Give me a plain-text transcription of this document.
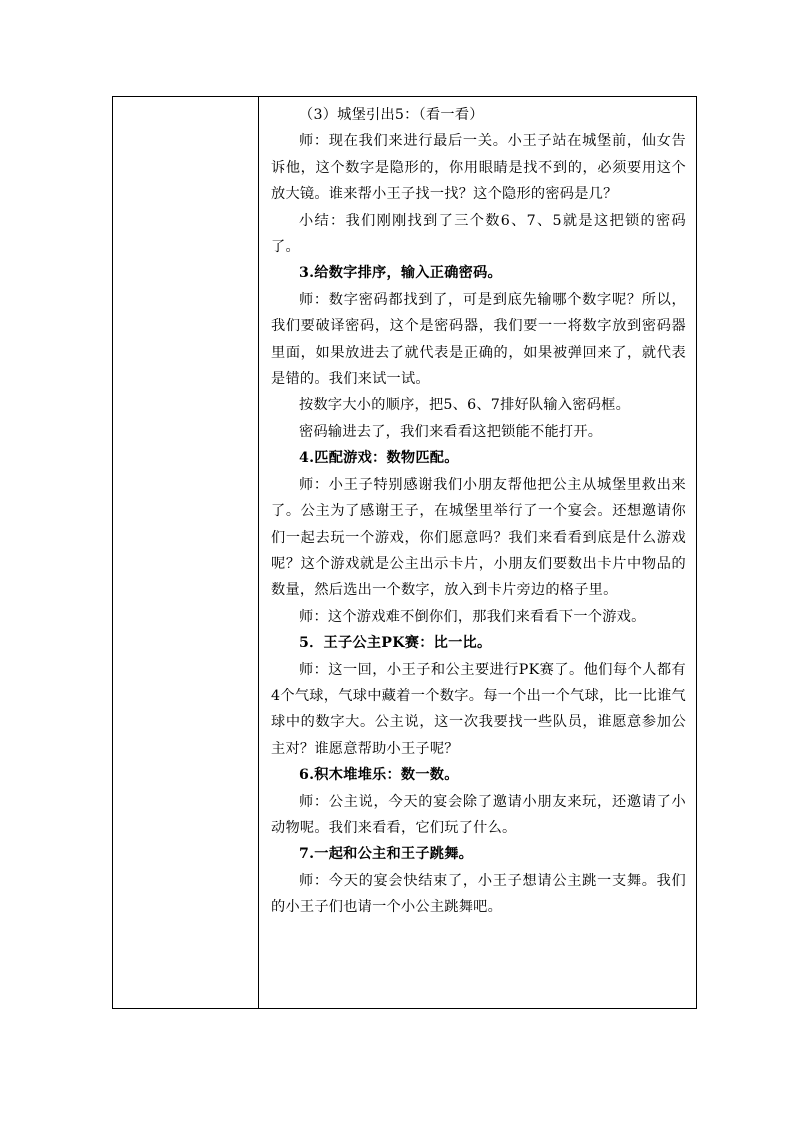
（3）城堡引出5：（看一看）

师：现在我们来进行最后一关。小王子站在城堡前，仙女告诉他，这个数字是隐形的，你用眼睛是找不到的，必须要用这个放大镜。谁来帮小王子找一找？这个隐形的密码是几？

小结：我们刚刚找到了三个数6、7、5就是这把锁的密码了。

3.给数字排序，输入正确密码。

师：数字密码都找到了，可是到底先输哪个数字呢？所以，我们要破译密码，这个是密码器，我们要一一将数字放到密码器里面，如果放进去了就代表是正确的，如果被弹回来了，就代表是错的。我们来试一试。

按数字大小的顺序，把5、6、7排好队输入密码框。

密码输进去了，我们来看看这把锁能不能打开。

4.匹配游戏：数物匹配。

师：小王子特别感谢我们小朋友帮他把公主从城堡里救出来了。公主为了感谢王子，在城堡里举行了一个宴会。还想邀请你们一起去玩一个游戏，你们愿意吗？我们来看看到底是什么游戏呢？这个游戏就是公主出示卡片，小朋友们要数出卡片中物品的数量，然后选出一个数字，放入到卡片旁边的格子里。

师：这个游戏难不倒你们，那我们来看看下一个游戏。

5．王子公主PK赛：比一比。

师：这一回，小王子和公主要进行PK赛了。他们每个人都有4个气球，气球中藏着一个数字。每一个出一个气球，比一比谁气球中的数字大。公主说，这一次我要找一些队员，谁愿意参加公主对？谁愿意帮助小王子呢？

6.积木堆堆乐：数一数。

师：公主说，今天的宴会除了邀请小朋友来玩，还邀请了小动物呢。我们来看看，它们玩了什么。

7.一起和公主和王子跳舞。

师：今天的宴会快结束了，小王子想请公主跳一支舞。我们的小王子们也请一个小公主跳舞吧。
